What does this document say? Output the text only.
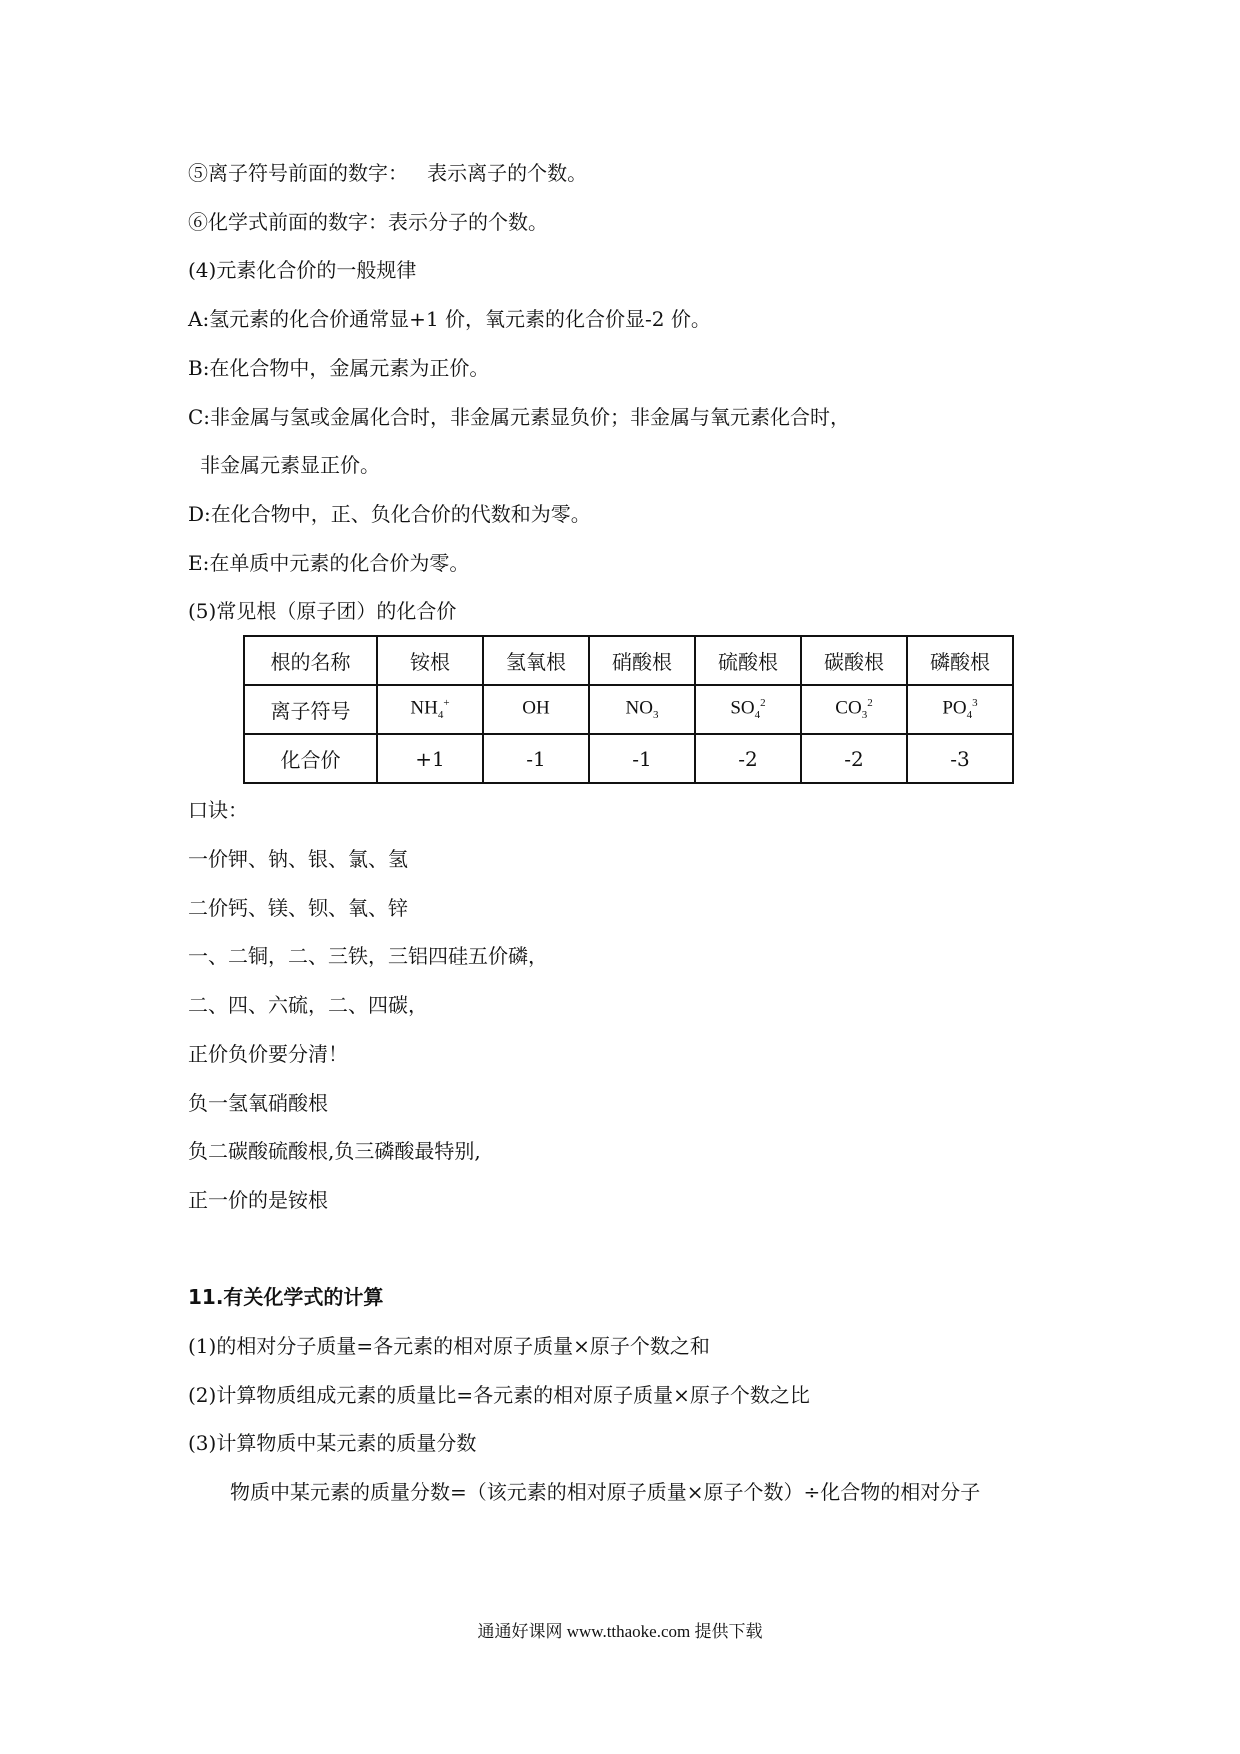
⑤离子符号前面的数字：   表示离子的个数。
⑥化学式前面的数字：表示分子的个数。
(4)元素化合价的一般规律
A:氢元素的化合价通常显+1 价，氧元素的化合价显-2 价。
B:在化合物中，金属元素为正价。
C:非金属与氢或金属化合时，非金属元素显负价；非金属与氧元素化合时，
非金属元素显正价。
D:在化合物中，正、负化合价的代数和为零。
E:在单质中元素的化合价为零。
(5)常见根（原子团）的化合价
根的名称	铵根	氢氧根	硝酸根	硫酸根	碳酸根	磷酸根
离子符号	$NH_4^+$	OH	$NO_3$	$SO_4^2$	$CO_3^2$	$PO_4^3$
化合价	+1	-1	-1	-2	-2	-3
口诀：
一价钾、钠、银、氯、氢
二价钙、镁、钡、氧、锌
一、二铜，二、三铁，三铝四硅五价磷，
二、四、六硫，二、四碳，
正价负价要分清！
负一氢氧硝酸根
负二碳酸硫酸根,负三磷酸最特别,
正一价的是铵根
11.有关化学式的计算
(1)的相对分子质量=各元素的相对原子质量×原子个数之和
(2)计算物质组成元素的质量比=各元素的相对原子质量×原子个数之比
(3)计算物质中某元素的质量分数
物质中某元素的质量分数=（该元素的相对原子质量×原子个数）÷化合物的相对分子
通通好课网 www.tthaoke.com 提供下载
